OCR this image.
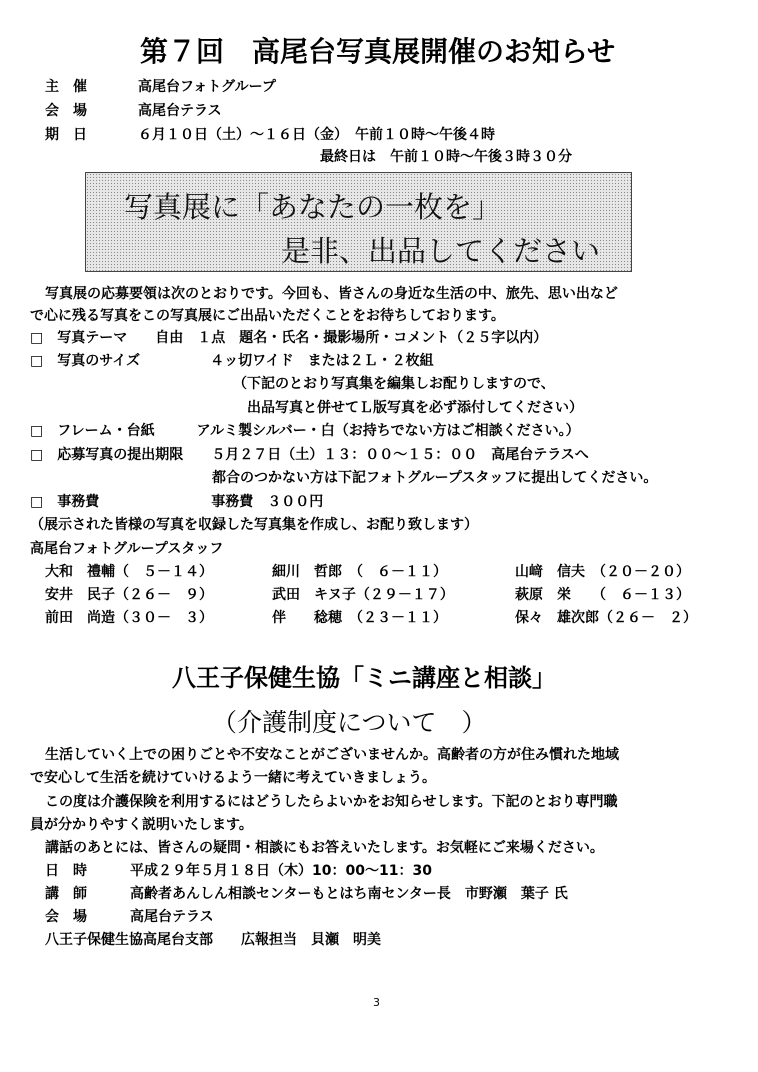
第７回　高尾台写真展開催のお知らせ
主　催	高尾台フォトグループ
会　場	高尾台テラス
期　日	６月１０日（土）～１６日（金）　午前１０時～午後４時
最終日は　午前１０時～午後３時３０分
写真展に「あなたの一枚を」
是非、出品してください
写真展の応募要領は次のとおりです。今回も、皆さんの身近な生活の中、旅先、思い出など
で心に残る写真をこの写真展にご出品いただくことをお待ちしております。
□　写真テーマ　　自由　１点　題名・氏名・撮影場所・コメント（２５字以内）
□　写真のサイズ　　　　　４ッ切ワイド　または２Ｌ・２枚組
（下記のとおり写真集を編集しお配りしますので、
出品写真と併せてＬ版写真を必ず添付してください）
□　フレーム・台紙　　　アルミ製シルバー・白（お持ちでない方はご相談ください。）
□　応募写真の提出期限　　５月２７日（土）１３：００～１５：００　高尾台テラスへ
都合のつかない方は下記フォトグループスタッフに提出してください。
□　事務費　　　　　　　　事務費　３００円
（展示された皆様の写真を収録した写真集を作成し、お配り致します）
高尾台フォトグループスタッフ
大和　禮輔（　５－１４）	細川　哲郎　（　６－１１）	山﨑　信夫　（２０－２０）
安井　民子（２６－　９）	武田　キヌ子（２９－１７）	萩原　栄　　（　６－１３）
前田　尚造（３０－　３）	伴　　稔穂　（２３－１１）	保々　雄次郎（２６－　２）
八王子保健生協「ミニ講座と相談」
（介護制度について　）
生活していく上での困りごとや不安なことがございませんか。高齢者の方が住み慣れた地域
で安心して生活を続けていけるよう一緒に考えていきましょう。
この度は介護保険を利用するにはどうしたらよいかをお知らせします。下記のとおり専門職
員が分かりやすく説明いたします。
講話のあとには、皆さんの疑問・相談にもお答えいたします。お気軽にご来場ください。
日　時	平成２９年５月１８日（木）10：00～11：30
講　師	高齢者あんしん相談センターもとはち南センター長　市野瀬　葉子 氏
会　場	高尾台テラス
八王子保健生協高尾台支部　　広報担当　貝瀬　明美
3
